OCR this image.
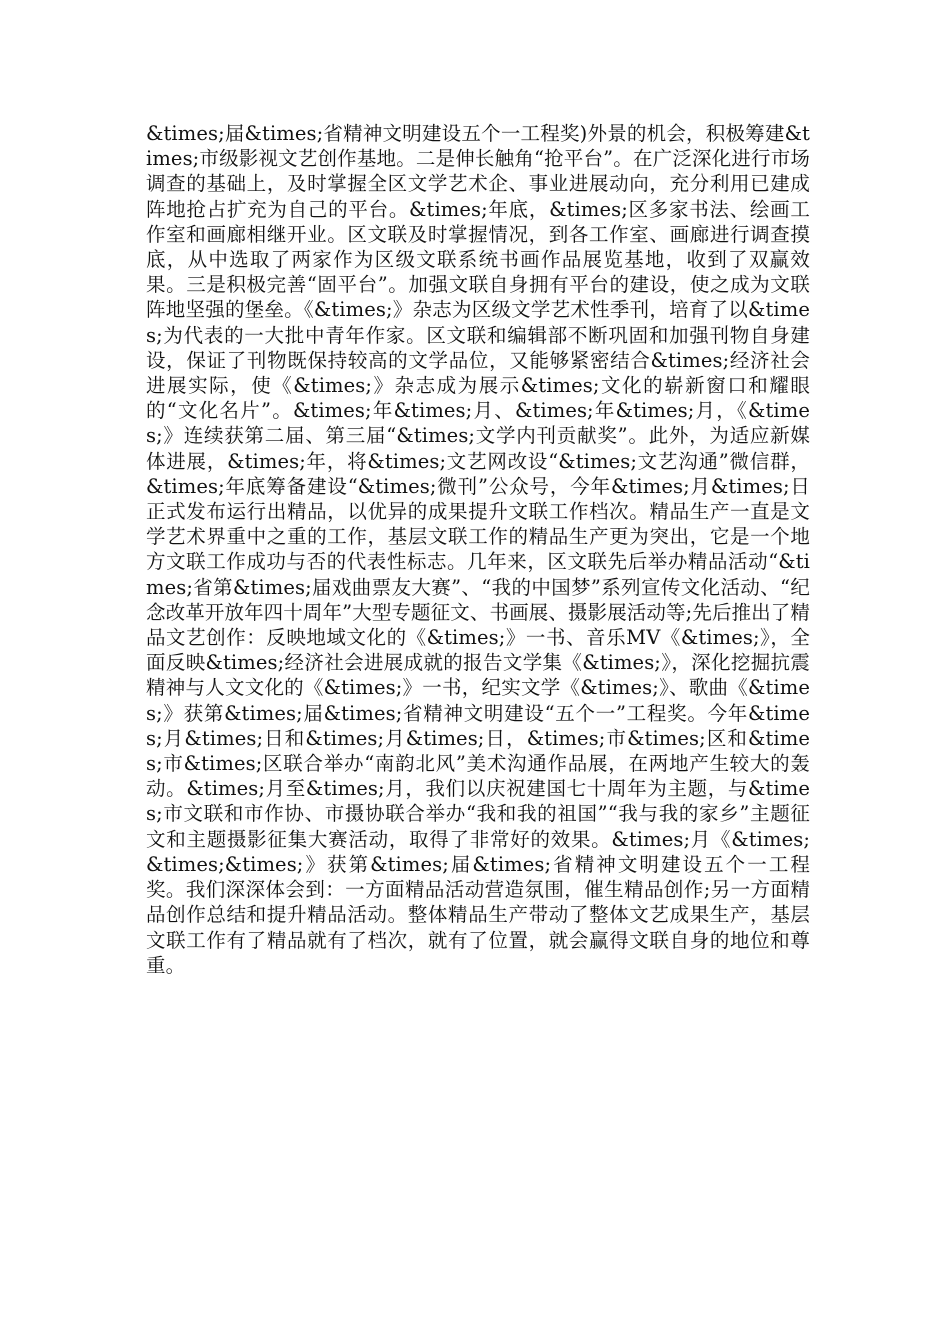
&times;届&times;省精神文明建设五个一工程奖)外景的机会，积极筹建&times;市级影视文艺创作基地。二是伸长触角“抢平台”。在广泛深化进行市场调查的基础上，及时掌握全区文学艺术企、事业进展动向，充分利用已建成阵地抢占扩充为自己的平台。&times;年底，&times;区多家书法、绘画工作室和画廊相继开业。区文联及时掌握情况，到各工作室、画廊进行调查摸底，从中选取了两家作为区级文联系统书画作品展览基地，收到了双赢效果。三是积极完善“固平台”。加强文联自身拥有平台的建设，使之成为文联阵地坚强的堡垒。《&times;》杂志为区级文学艺术性季刊，培育了以&times;为代表的一大批中青年作家。区文联和编辑部不断巩固和加强刊物自身建设，保证了刊物既保持较高的文学品位，又能够紧密结合&times;经济社会进展实际，使《&times;》杂志成为展示&times;文化的崭新窗口和耀眼的“文化名片”。&times;年&times;月、&times;年&times;月，《&times;》连续获第二届、第三届“&times;文学内刊贡献奖”。此外，为适应新媒体进展，&times;年，将&times;文艺网改设“&times;文艺沟通”微信群，&times;年底筹备建设“&times;微刊”公众号，今年&times;月&times;日正式发布运行出精品，以优异的成果提升文联工作档次。精品生产一直是文学艺术界重中之重的工作，基层文联工作的精品生产更为突出，它是一个地方文联工作成功与否的代表性标志。几年来，区文联先后举办精品活动“&times;省第&times;届戏曲票友大赛”、“我的中国梦”系列宣传文化活动、“纪念改革开放年四十周年”大型专题征文、书画展、摄影展活动等;先后推出了精品文艺创作：反映地域文化的《&times;》一书、音乐MV《&times;》，全面反映&times;经济社会进展成就的报告文学集《&times;》，深化挖掘抗震精神与人文文化的《&times;》一书，纪实文学《&times;》、歌曲《&times;》获第&times;届&times;省精神文明建设“五个一”工程奖。今年&times;月&times;日和&times;月&times;日，&times;市&times;区和&times;市&times;区联合举办“南韵北风”美术沟通作品展，在两地产生较大的轰动。&times;月至&times;月，我们以庆祝建国七十周年为主题，与&times;市文联和市作协、市摄协联合举办“我和我的祖国”“我与我的家乡”主题征文和主题摄影征集大赛活动，取得了非常好的效果。&times;月《&times;&times;&times;》获第&times;届&times;省精神文明建设五个一工程奖。我们深深体会到：一方面精品活动营造氛围，催生精品创作;另一方面精品创作总结和提升精品活动。整体精品生产带动了整体文艺成果生产，基层文联工作有了精品就有了档次，就有了位置，就会赢得文联自身的地位和尊重。
